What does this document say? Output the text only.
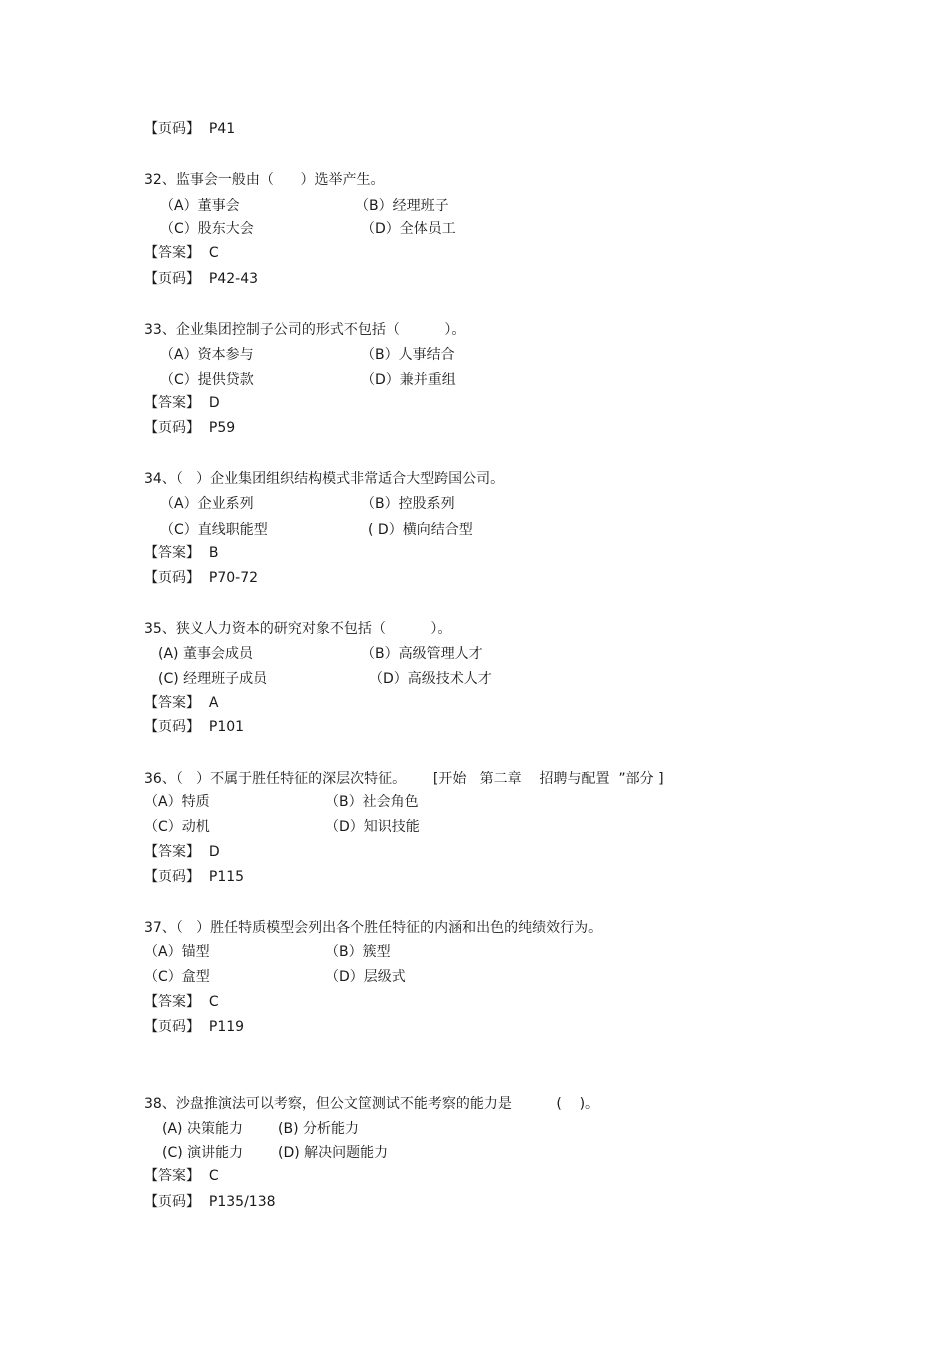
【页码】  P41
32、监事会一般由（      ）选举产生。
（A）董事会	（B）经理班子
（C）股东大会	（D）全体员工
【答案】  C
【页码】  P42-43
33、企业集团控制子公司的形式不包括（          ）。
（A）资本参与	（B）人事结合
（C）提供贷款	（D）兼并重组
【答案】  D
【页码】  P59
34、（   ）企业集团组织结构模式非常适合大型跨国公司。
（A）企业系列	（B）控股系列
（C）直线职能型	( D）横向结合型
【答案】  B
【页码】  P70-72
35、狭义人力资本的研究对象不包括（          ）。
(A) 董事会成员	（B）高级管理人才
(C) 经理班子成员	（D）高级技术人才
【答案】  A
【页码】  P101
36、（   ）不属于胜任特征的深层次特征。      [开始   第二章    招聘与配置  ”部分 ]
（A）特质	（B）社会角色
（C）动机	（D）知识技能
【答案】  D
【页码】  P115
37、（   ）胜任特质模型会列出各个胜任特征的内涵和出色的纯绩效行为。
（A）锚型	（B）簇型
（C）盒型	（D）层级式
【答案】  C
【页码】  P119
38、沙盘推演法可以考察，但公文筐测试不能考察的能力是          (    )。
(A) 决策能力	(B) 分析能力
(C) 演讲能力 (D) 解决问题能力
【答案】  C
【页码】  P135/138
